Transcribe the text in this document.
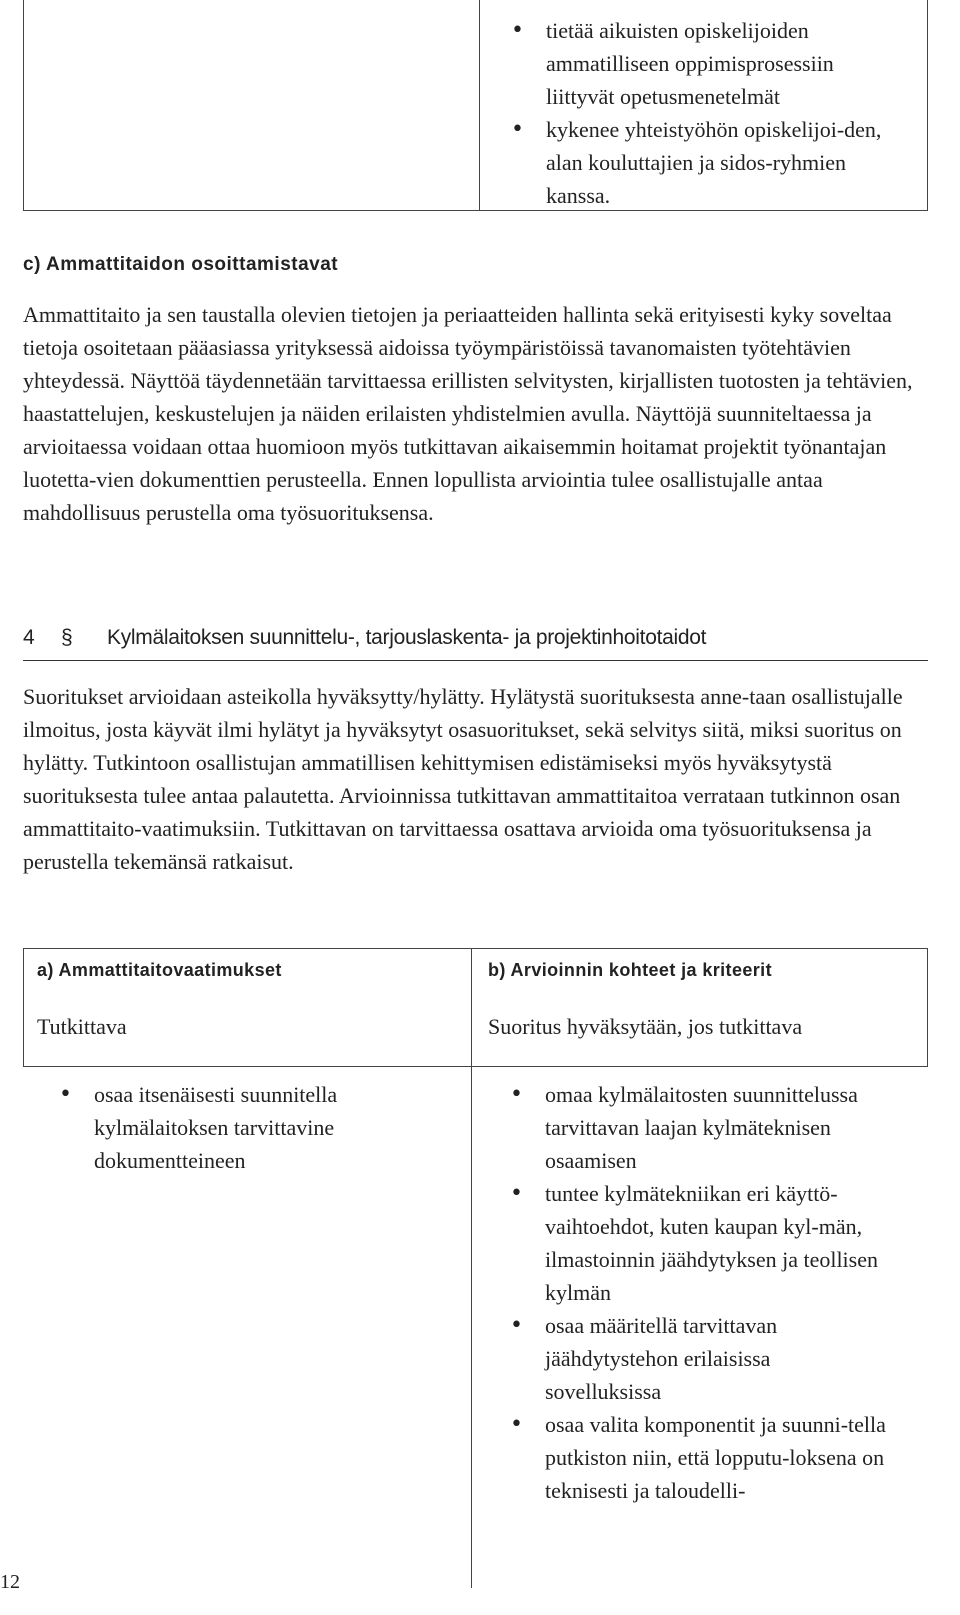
• tietää aikuisten opiskelijoiden ammatilliseen oppimisprosessiin liittyvät opetusmenetelmät
• kykenee yhteistyöhön opiskelijoi-den, alan kouluttajien ja sidos-ryhmien kanssa.
c) Ammattitaidon osoittamistavat

Ammattitaito ja sen taustalla olevien tietojen ja periaatteiden hallinta sekä erityisesti kyky soveltaa tietoja osoitetaan pääasiassa yrityksessä aidoissa työympäristöissä tavanomaisten työtehtävien yhteydessä. Näyttöä täydennetään tarvittaessa erillisten selvitysten, kirjallisten tuotosten ja tehtävien, haastattelujen, keskustelujen ja näiden erilaisten yhdistelmien avulla. Näyttöjä suunniteltaessa ja arvioitaessa voidaan ottaa huomioon myös tutkittavan aikaisemmin hoitamat projektit työnantajan luotetta-vien dokumenttien perusteella. Ennen lopullista arviointia tulee osallistujalle antaa mahdollisuus perustella oma työsuorituksensa.

4 § Kylmälaitoksen suunnittelu-, tarjouslaskenta- ja projektinhoitotaidot

Suoritukset arvioidaan asteikolla hyväksytty/hylätty. Hylätystä suorituksesta anne-taan osallistujalle ilmoitus, josta käyvät ilmi hylätyt ja hyväksytyt osasuoritukset, sekä selvitys siitä, miksi suoritus on hylätty. Tutkintoon osallistujan ammatillisen kehittymisen edistämiseksi myös hyväksytystä suorituksesta tulee antaa palautetta. Arvioinnissa tutkittavan ammattitaitoa verrataan tutkinnon osan ammattitaito-vaatimuksiin. Tutkittavan on tarvittaessa osattava arvioida oma työsuorituksensa ja perustella tekemänsä ratkaisut.

a) Ammattitaitovaatimukset	b) Arvioinnin kohteet ja kriteerit
Tutkittava	Suoritus hyväksytään, jos tutkittava
• osaa itsenäisesti suunnitella kylmälaitoksen tarvittavine dokumentteineen
• omaa kylmälaitosten suunnittelussa tarvittavan laajan kylmäteknisen osaamisen
• tuntee kylmätekniikan eri käyttö-vaihtoehdot, kuten kaupan kyl-män, ilmastoinnin jäähdytyksen ja teollisen kylmän
• osaa määritellä tarvittavan jäähdytystehon erilaisissa sovelluksissa
• osaa valita komponentit ja suunni-tella putkiston niin, että lopputu-loksena on teknisesti ja taloudelli-
12
